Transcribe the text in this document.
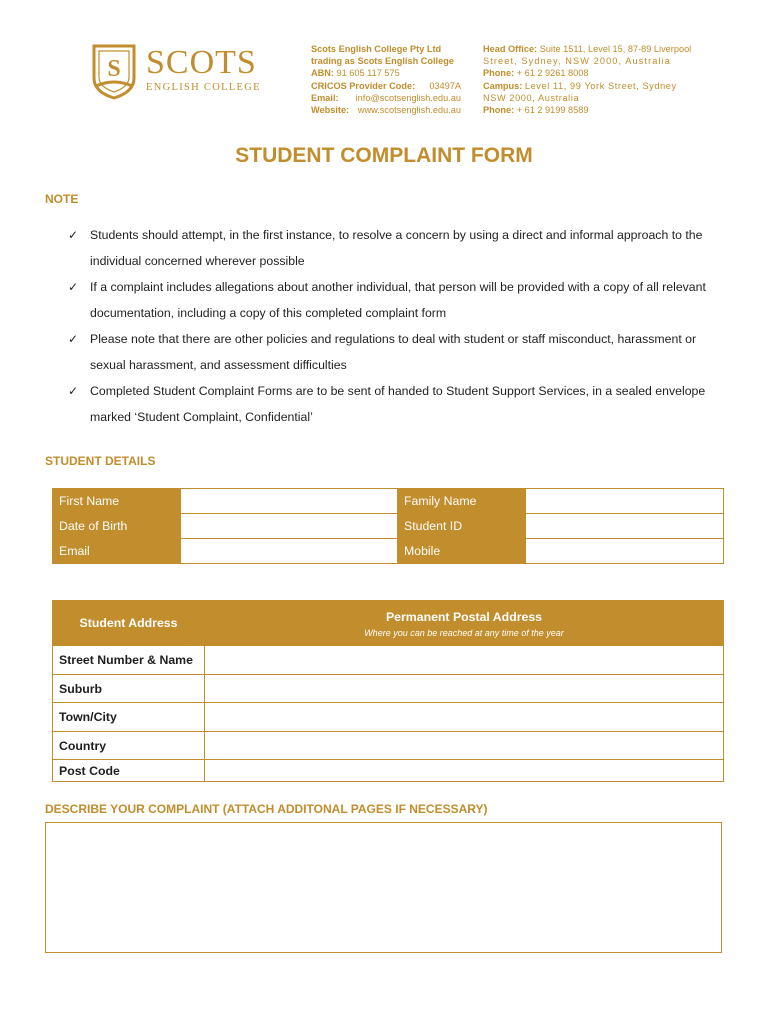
S SCOTS
ENGLISH COLLEGE
Scots English College Pty Ltd
trading as Scots English College
ABN:
91 605 117 575
CRICOS Provider Code: 03497A
Email: info@scotsenglish.edu.au
Website: www.scotsenglish.edu.au
Head Office: Suite 1511, Level 15, 87-89 Liverpool
Street, Sydney, NSW 2000, Australia
Phone: + 61 2 9261 8008
Campus: Level 11, 99 York Street, Sydney
NSW 2000, Australia
Phone: + 61 2 9199 8589
STUDENT COMPLAINT FORM
NOTE
✓ Students should attempt, in the first instance, to resolve a concern by using a direct and informal approach to the individual concerned wherever possible
✓ If a complaint includes allegations about another individual, that person will be provided with a copy of all relevant documentation, including a copy of this completed complaint form
✓ Please note that there are other policies and regulations to deal with student or staff misconduct, harassment or sexual harassment, and assessment difficulties
✓ Completed Student Complaint Forms are to be sent of handed to Student Support Services, in a sealed envelope marked ‘Student Complaint, Confidential’
STUDENT DETAILS
First Name		Family Name	
Date of Birth		Student ID	
Email		Mobile	
Student Address	Permanent Postal Address
Where you can be reached at any time of the year

Street Number & Name	
Suburb	
Town/City	
Country	
Post Code	
DESCRIBE YOUR COMPLAINT (ATTACH ADDITONAL PAGES IF NECESSARY)
